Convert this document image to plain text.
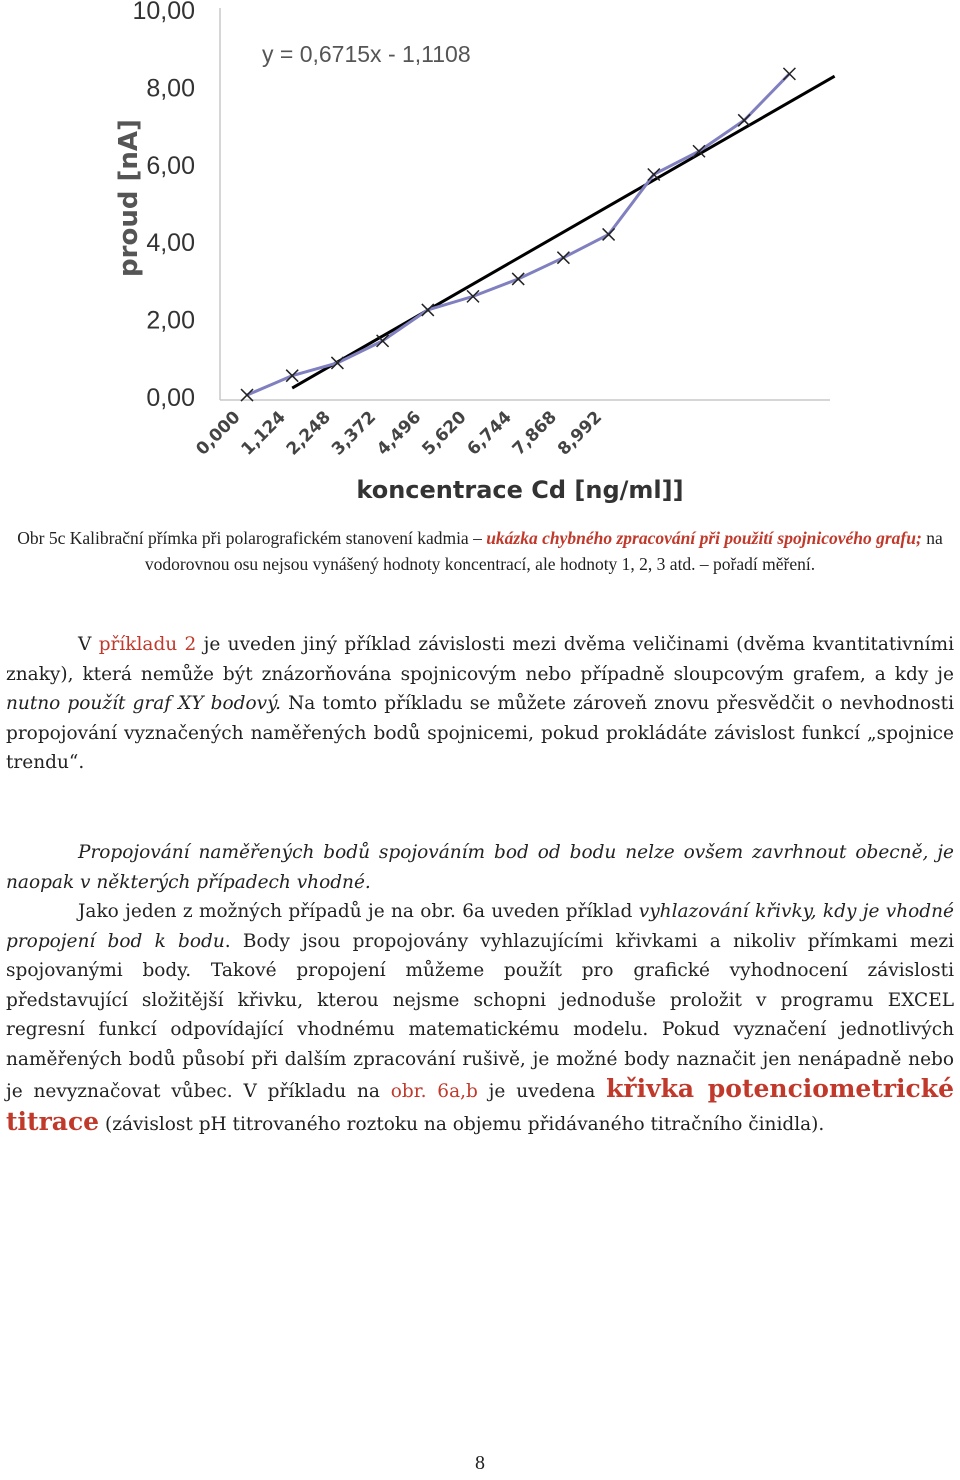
10,00
8,00
6,00
4,00
2,00
0,00
y = 0,6715x - 1,1108
proud [nA]
koncentrace Cd [ng/ml]]
0,000
1,124
2,248
3,372
4,496
5,620
6,744
7,868
8,992
Obr 5c Kalibrační přímka při polarografickém stanovení kadmia – ukázka chybného zpracování při použití spojnicového grafu; na vodorovnou osu nejsou vynášený hodnoty koncentrací, ale hodnoty 1, 2, 3 atd. – pořadí měření.

V příkladu 2 je uveden jiný příklad závislosti mezi dvěma veličinami (dvěma kvantitativními znaky), která nemůže být znázorňována spojnicovým nebo případně sloupcovým grafem, a kdy je nutno použít graf XY bodový. Na tomto příkladu se můžete zároveň znovu přesvědčit o nevhodnosti propojování vyznačených naměřených bodů spojnicemi, pokud prokládáte závislost funkcí „spojnice trendu“.

Propojování naměřených bodů spojováním bod od bodu nelze ovšem zavrhnout obecně, je naopak v některých případech vhodné.

Jako jeden z možných případů je na obr. 6a uveden příklad vyhlazování křivky, kdy je vhodné propojení bod k bodu. Body jsou propojovány vyhlazujícími křivkami a nikoliv přímkami mezi spojovanými body. Takové propojení můžeme použít pro grafické vyhodnocení závislosti představující složitější křivku, kterou nejsme schopni jednoduše proložit v programu EXCEL regresní funkcí odpovídající vhodnému matematickému modelu. Pokud vyznačení jednotlivých naměřených bodů působí při dalším zpracování rušivě, je možné body naznačit jen nenápadně nebo je nevyznačovat vůbec. V příkladu na obr. 6a,b je uvedena křivka potenciometrické titrace (závislost pH titrovaného roztoku na objemu přidávaného titračního činidla).

8
